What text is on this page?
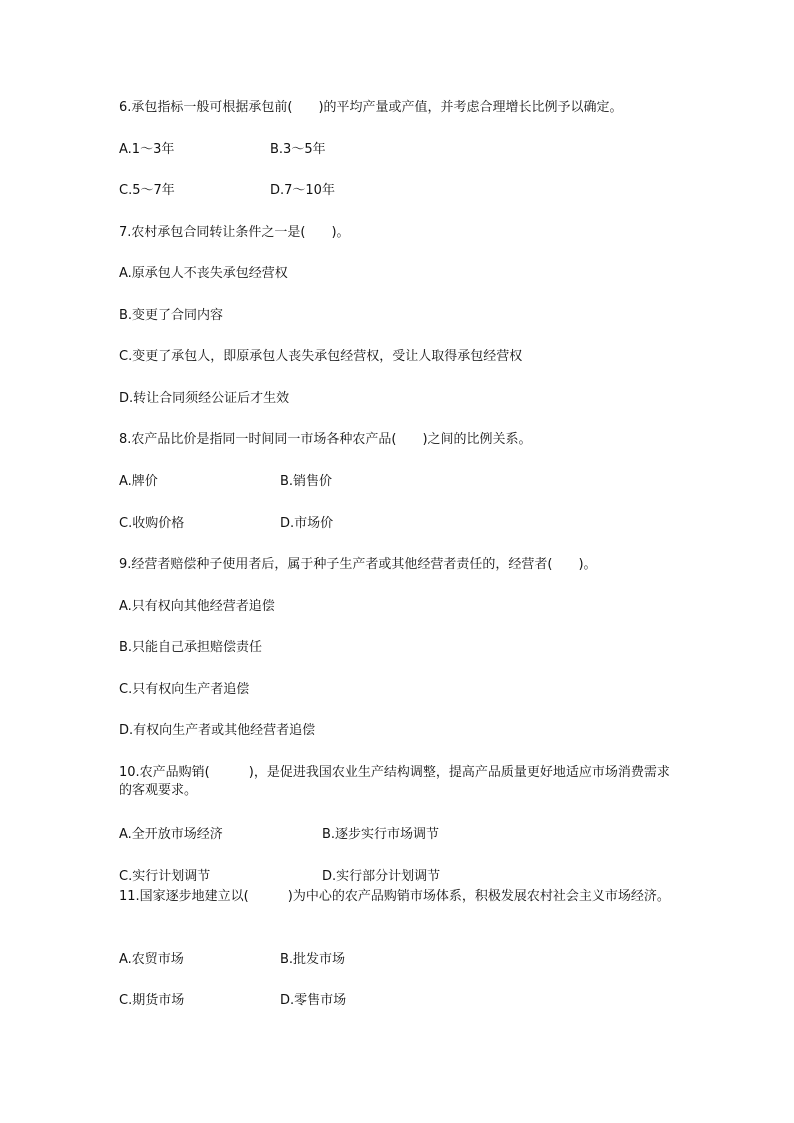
6.承包指标一般可根据承包前(　　)的平均产量或产值，并考虑合理增长比例予以确定。
A.1～3年	B.3～5年
C.5～7年	D.7～10年
7.农村承包合同转让条件之一是(　　)。
A.原承包人不丧失承包经营权
B.变更了合同内容
C.变更了承包人，即原承包人丧失承包经营权，受让人取得承包经营权
D.转让合同须经公证后才生效
8.农产品比价是指同一时间同一市场各种农产品(　　)之间的比例关系。
A.牌价	B.销售价
C.收购价格	D.市场价
9.经营者赔偿种子使用者后，属于种子生产者或其他经营者责任的，经营者(　　)。
A.只有权向其他经营者追偿
B.只能自己承担赔偿责任
C.只有权向生产者追偿
D.有权向生产者或其他经营者追偿
10.农产品购销(　　　)，是促进我国农业生产结构调整，提高产品质量更好地适应市场消费需求的客观要求。
A.全开放市场经济	B.逐步实行市场调节
C.实行计划调节	D.实行部分计划调节
11.国家逐步地建立以(　　　)为中心的农产品购销市场体系，积极发展农村社会主义市场经济。
A.农贸市场	B.批发市场
C.期货市场	D.零售市场
